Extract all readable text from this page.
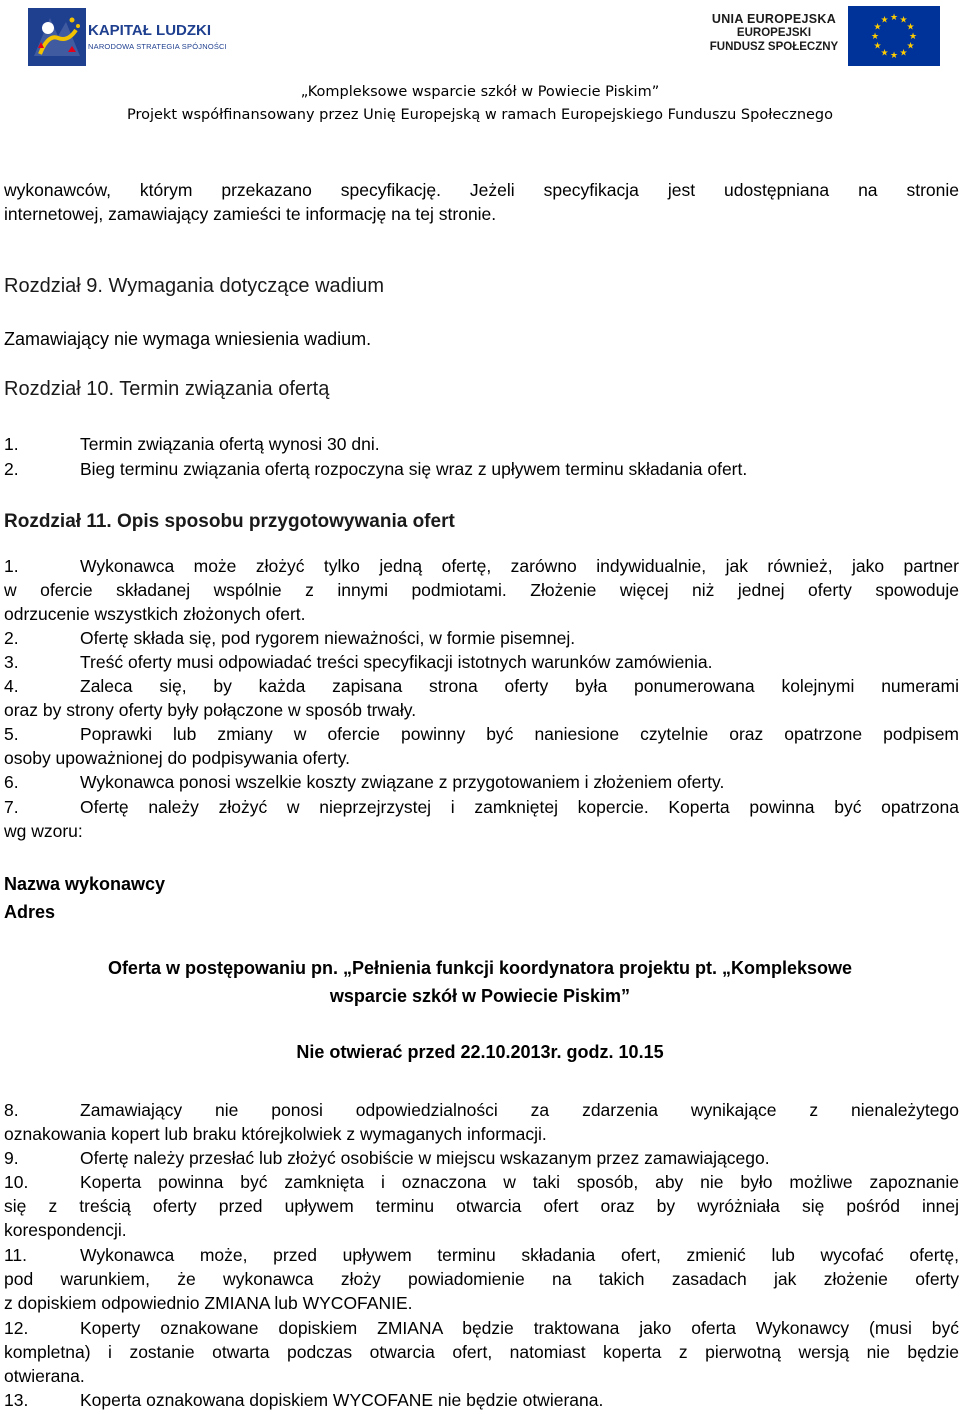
KAPITAŁ LUDZKI
NARODOWA STRATEGIA SPÓJNOŚCI
UNIA EUROPEJSKA
EUROPEJSKI
FUNDUSZ SPOŁECZNY
★ ★
★
★
★
★
★
★
★
★
★
★
„Kompleksowe wsparcie szkół w Powiecie Piskim”
Projekt współfinansowany przez Unię Europejską w ramach Europejskiego Funduszu Społecznego
wykonawców, którym przekazano specyfikację. Jeżeli specyfikacja jest udostępniana na stronie
internetowej, zamawiający zamieści te informację na tej stronie.
Rozdział 9. Wymagania dotyczące wadium
Zamawiający nie wymaga wniesienia wadium.
Rozdział 10. Termin związania ofertą
1.	Termin związania ofertą wynosi 30 dni.
2.	Bieg terminu związania ofertą rozpoczyna się wraz z upływem terminu składania ofert.
Rozdział 11. Opis sposobu przygotowywania ofert
1.	Wykonawca może złożyć tylko jedną ofertę, zarówno indywidualnie, jak również, jako partner
w ofercie składanej wspólnie z innymi podmiotami. Złożenie więcej niż jednej oferty spowoduje
odrzucenie wszystkich złożonych ofert.
2.	Ofertę składa się, pod rygorem nieważności, w formie pisemnej.
3.	Treść oferty musi odpowiadać treści specyfikacji istotnych warunków zamówienia.
4.	Zaleca się, by każda zapisana strona oferty była ponumerowana kolejnymi numerami
oraz by strony oferty były połączone w sposób trwały.
5.	Poprawki lub zmiany w ofercie powinny być naniesione czytelnie oraz opatrzone podpisem
osoby upoważnionej do podpisywania oferty.
6.	Wykonawca ponosi wszelkie koszty związane z przygotowaniem i złożeniem oferty.
7.	Ofertę należy złożyć w nieprzejrzystej i zamkniętej kopercie. Koperta powinna być opatrzona
wg wzoru:
Nazwa wykonawcy
Adres
Oferta w postępowaniu pn. „Pełnienia funkcji koordynatora projektu pt. „Kompleksowe
wsparcie szkół w Powiecie Piskim”
Nie otwierać przed 22.10.2013r. godz. 10.15
8.	Zamawiający nie ponosi odpowiedzialności za zdarzenia wynikające z nienależytego
oznakowania kopert lub braku którejkolwiek z wymaganych informacji.
9.	Ofertę należy przesłać lub złożyć osobiście w miejscu wskazanym przez zamawiającego.
10.	Koperta powinna być zamknięta i oznaczona w taki sposób, aby nie było możliwe zapoznanie
się z treścią oferty przed upływem terminu otwarcia ofert oraz by wyróżniała się pośród innej
korespondencji.
11.	Wykonawca może, przed upływem terminu składania ofert, zmienić lub wycofać ofertę,
pod warunkiem, że wykonawca złoży powiadomienie na takich zasadach jak złożenie oferty
z dopiskiem odpowiednio ZMIANA lub WYCOFANIE.
12.	Koperty oznakowane dopiskiem ZMIANA będzie traktowana jako oferta Wykonawcy (musi być
kompletna) i zostanie otwarta podczas otwarcia ofert, natomiast koperta z pierwotną wersją nie będzie
otwierana.
13.	Koperta oznakowana dopiskiem WYCOFANE nie będzie otwierana.
